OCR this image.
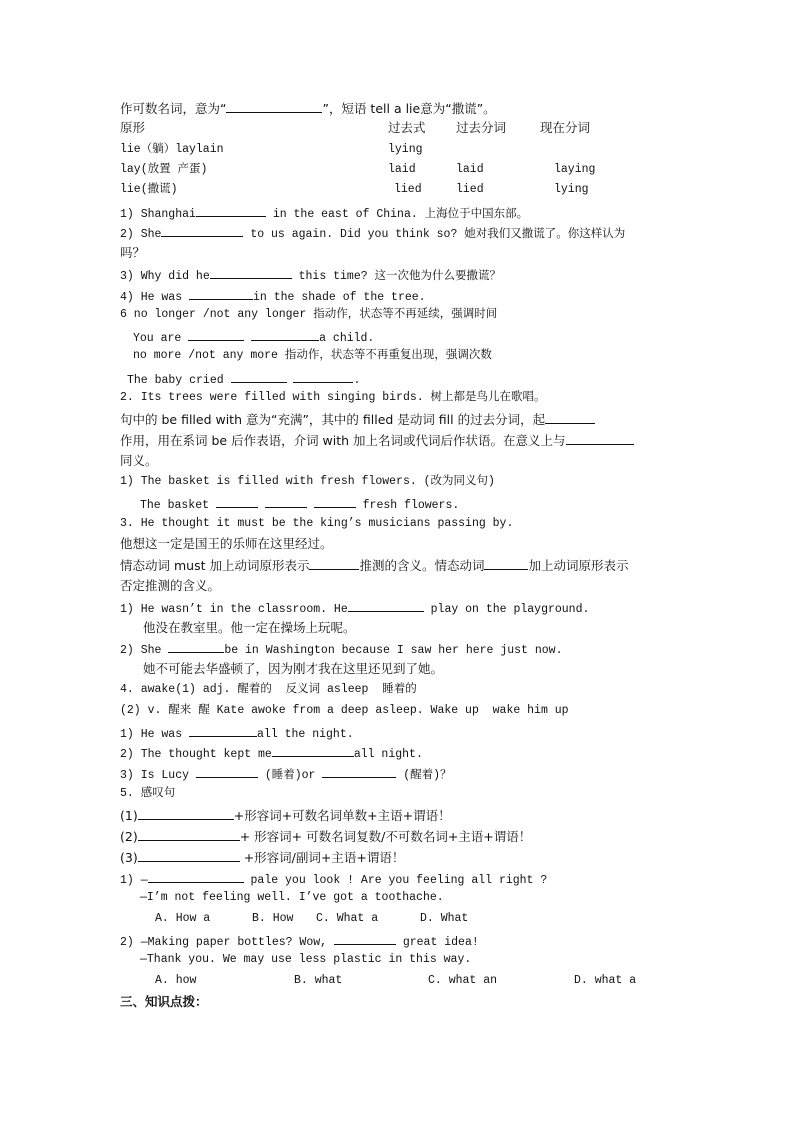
作可数名词，意为“	”，短语 tell a lie意为“撒谎”。
原形	过去式 过去分词	现在分词
lie（躺）laylain	lying
lay(放置 产蛋)	laid	laid	laying
lie(撒谎)	lied	lied	lying
1) Shanghai	in the east of China. 上海位于中国东部。
2) She	to us again. Did you think so? 她对我们又撒谎了。你这样认为
吗？
3) Why did he	this time? 这一次他为什么要撒谎？
4) He was	in the shade of the tree.
6 no longer /not any longer 指动作，状态等不再延续，强调时间
You are	a child.
no more /not any more 指动作，状态等不再重复出现，强调次数
The baby cried	.
2. Its trees were filled with singing birds. 树上都是鸟儿在歌唱。
句中的 be filled with 意为“充满”，其中的 filled 是动词 fill 的过去分词，起
作用，用在系词 be 后作表语，介词 with 加上名词或代词后作状语。在意义上与
同义。
1) The basket is filled with fresh flowers. (改为同义句)
The basket	fresh flowers.
3. He thought it must be the king’s musicians passing by.
他想这一定是国王的乐师在这里经过。
情态动词 must 加上动词原形表示	推测的含义。情态动词	加上动词原形表示
否定推测的含义。
1) He wasn’t in the classroom. He	play on the playground.
他没在教室里。他一定在操场上玩呢。
2) She	be in Washington because I saw her here just now.
她不可能去华盛顿了，因为刚才我在这里还见到了她。
4. awake(1) adj. 醒着的  反义词 asleep  睡着的
(2) v. 醒来 醒 Kate awoke from a deep asleep. Wake up  wake him up
1) He was	all the night.
2) The thought kept me	all night.
3) Is Lucy	(睡着)or	(醒着)？
5. 感叹句
(1)	+形容词+可数名词单数+主语+谓语！
(2)	+ 形容词+ 可数名词复数/不可数名词+主语+谓语！
(3)	+形容词/副词+主语+谓语！
1) —	pale you look ! Are you feeling all right ?
—I’m not feeling well. I’ve got a toothache.
A. How a	B. How C. What a	D. What
2) —Making paper bottles? Wow,	great idea!
—Thank you. We may use less plastic in this way.
A. how	B. what	C. what an	D. what a
三、知识点拨：
